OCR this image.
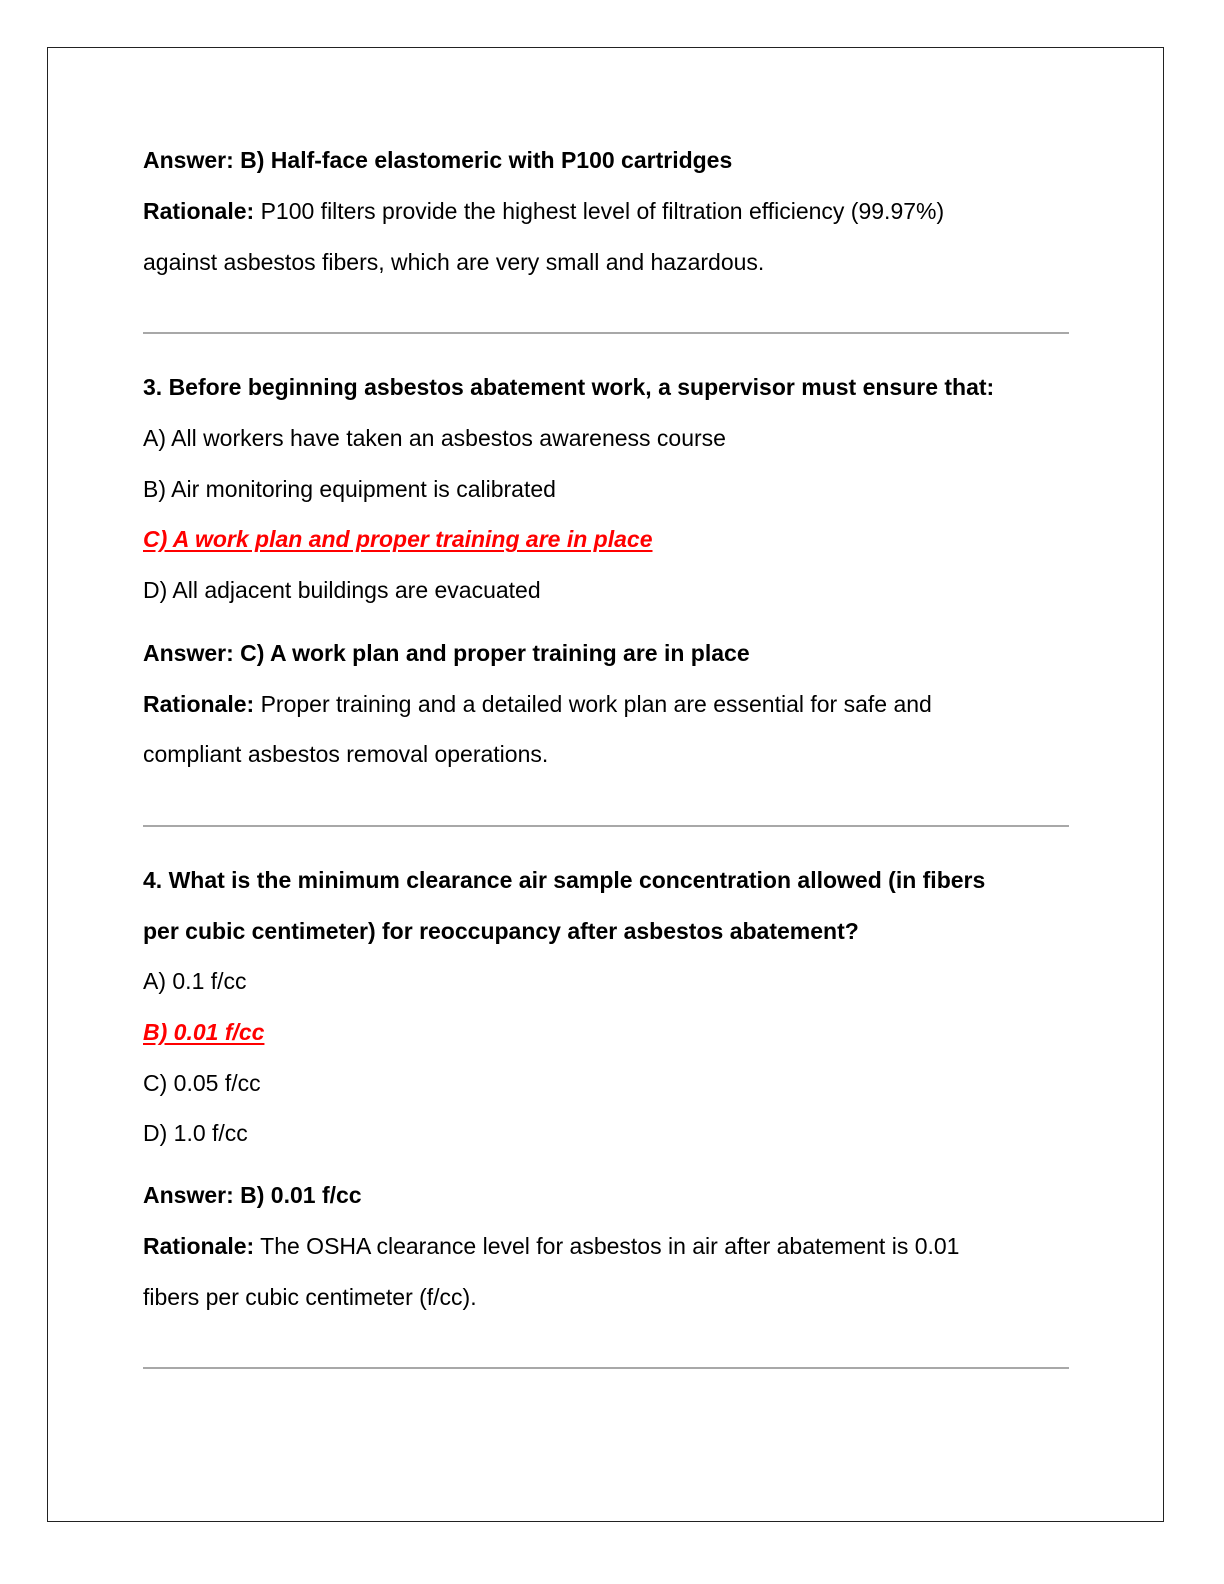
Answer: B) Half-face elastomeric with P100 cartridges
Rationale: P100 filters provide the highest level of filtration efficiency (99.97%)
against asbestos fibers, which are very small and hazardous.
3. Before beginning asbestos abatement work, a supervisor must ensure that:
A) All workers have taken an asbestos awareness course
B) Air monitoring equipment is calibrated
C) A work plan and proper training are in place
D) All adjacent buildings are evacuated
Answer: C) A work plan and proper training are in place
Rationale: Proper training and a detailed work plan are essential for safe and
compliant asbestos removal operations.
4. What is the minimum clearance air sample concentration allowed (in fibers
per cubic centimeter) for reoccupancy after asbestos abatement?
A) 0.1 f/cc
B) 0.01 f/cc
C) 0.05 f/cc
D) 1.0 f/cc
Answer: B) 0.01 f/cc
Rationale: The OSHA clearance level for asbestos in air after abatement is 0.01
fibers per cubic centimeter (f/cc).
